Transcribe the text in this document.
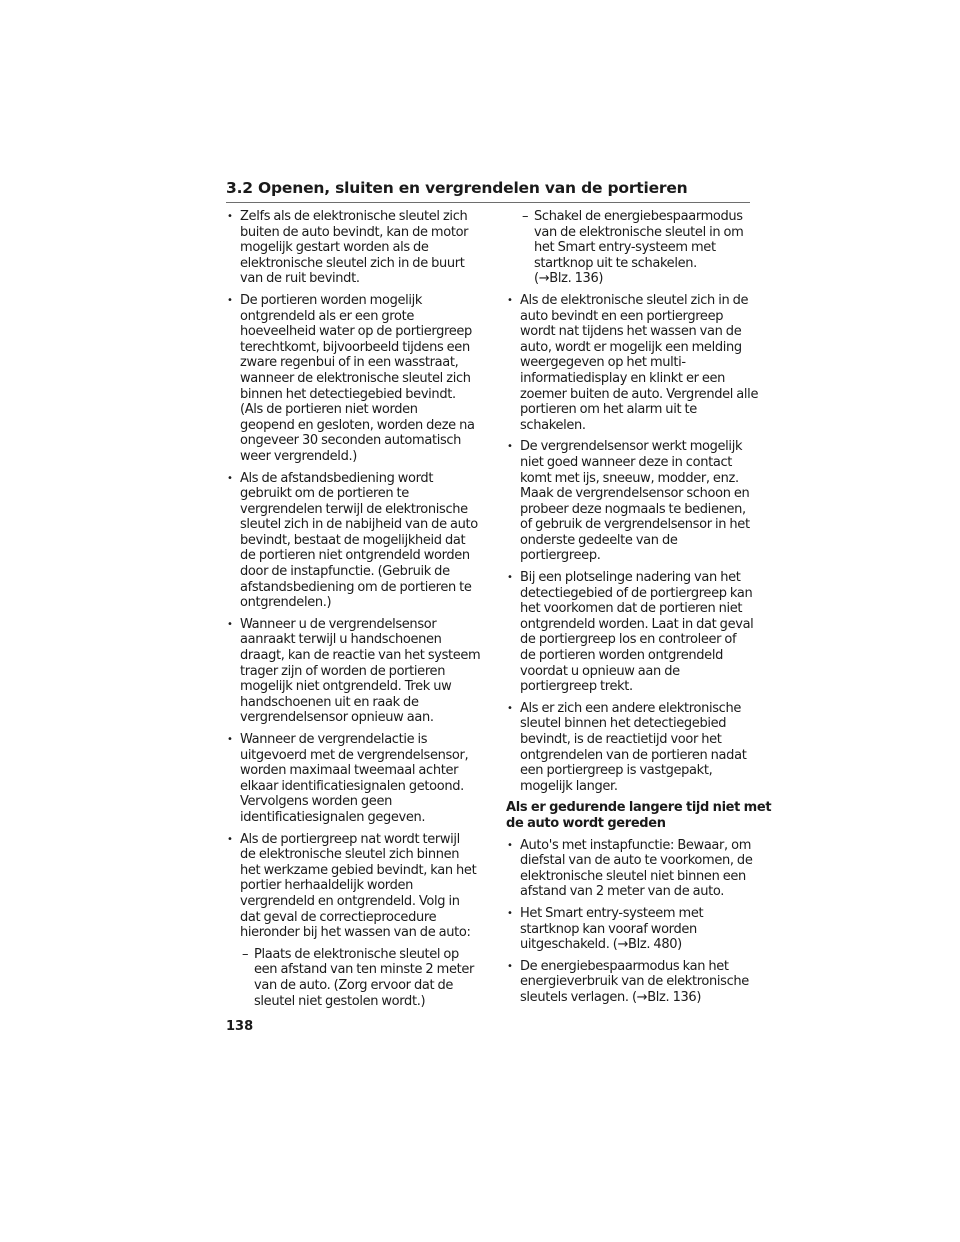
3.2 Openen, sluiten en vergrendelen van de portieren

• Zelfs als de elektronische sleutel zich
buiten de auto bevindt, kan de motor
mogelijk gestart worden als de
elektronische sleutel zich in de buurt
van de ruit bevindt.

• De portieren worden mogelijk
ontgrendeld als er een grote
hoeveelheid water op de portiergreep
terechtkomt, bijvoorbeeld tijdens een
zware regenbui of in een wasstraat,
wanneer de elektronische sleutel zich
binnen het detectiegebied bevindt.
(Als de portieren niet worden
geopend en gesloten, worden deze na
ongeveer 30 seconden automatisch
weer vergrendeld.)

• Als de afstandsbediening wordt
gebruikt om de portieren te
vergrendelen terwijl de elektronische
sleutel zich in de nabijheid van de auto
bevindt, bestaat de mogelijkheid dat
de portieren niet ontgrendeld worden
door de instapfunctie. (Gebruik de
afstandsbediening om de portieren te
ontgrendelen.)

• Wanneer u de vergrendelsensor
aanraakt terwijl u handschoenen
draagt, kan de reactie van het systeem
trager zijn of worden de portieren
mogelijk niet ontgrendeld. Trek uw
handschoenen uit en raak de
vergrendelsensor opnieuw aan.

• Wanneer de vergrendelactie is
uitgevoerd met de vergrendelsensor,
worden maximaal tweemaal achter
elkaar identificatiesignalen getoond.
Vervolgens worden geen
identificatiesignalen gegeven.

• Als de portiergreep nat wordt terwijl
de elektronische sleutel zich binnen
het werkzame gebied bevindt, kan het
portier herhaaldelijk worden
vergrendeld en ontgrendeld. Volg in
dat geval de correctieprocedure
hieronder bij het wassen van de auto:

– Plaats de elektronische sleutel op
een afstand van ten minste 2 meter
van de auto. (Zorg ervoor dat de
sleutel niet gestolen wordt.)

– Schakel de energiebespaarmodus
van de elektronische sleutel in om
het Smart entry-systeem met
startknop uit te schakelen.
(→Blz. 136)

• Als de elektronische sleutel zich in de
auto bevindt en een portiergreep
wordt nat tijdens het wassen van de
auto, wordt er mogelijk een melding
weergegeven op het multi-
informatiedisplay en klinkt er een
zoemer buiten de auto. Vergrendel alle
portieren om het alarm uit te
schakelen.

• De vergrendelsensor werkt mogelijk
niet goed wanneer deze in contact
komt met ijs, sneeuw, modder, enz.
Maak de vergrendelsensor schoon en
probeer deze nogmaals te bedienen,
of gebruik de vergrendelsensor in het
onderste gedeelte van de
portiergreep.

• Bij een plotselinge nadering van het
detectiegebied of de portiergreep kan
het voorkomen dat de portieren niet
ontgrendeld worden. Laat in dat geval
de portiergreep los en controleer of
de portieren worden ontgrendeld
voordat u opnieuw aan de
portiergreep trekt.

• Als er zich een andere elektronische
sleutel binnen het detectiegebied
bevindt, is de reactietijd voor het
ontgrendelen van de portieren nadat
een portiergreep is vastgepakt,
mogelijk langer.

Als er gedurende langere tijd niet met
de auto wordt gereden

• Auto's met instapfunctie: Bewaar, om
diefstal van de auto te voorkomen, de
elektronische sleutel niet binnen een
afstand van 2 meter van de auto.

• Het Smart entry-systeem met
startknop kan vooraf worden
uitgeschakeld. (→Blz. 480)

• De energiebespaarmodus kan het
energieverbruik van de elektronische
sleutels verlagen. (→Blz. 136)

138
